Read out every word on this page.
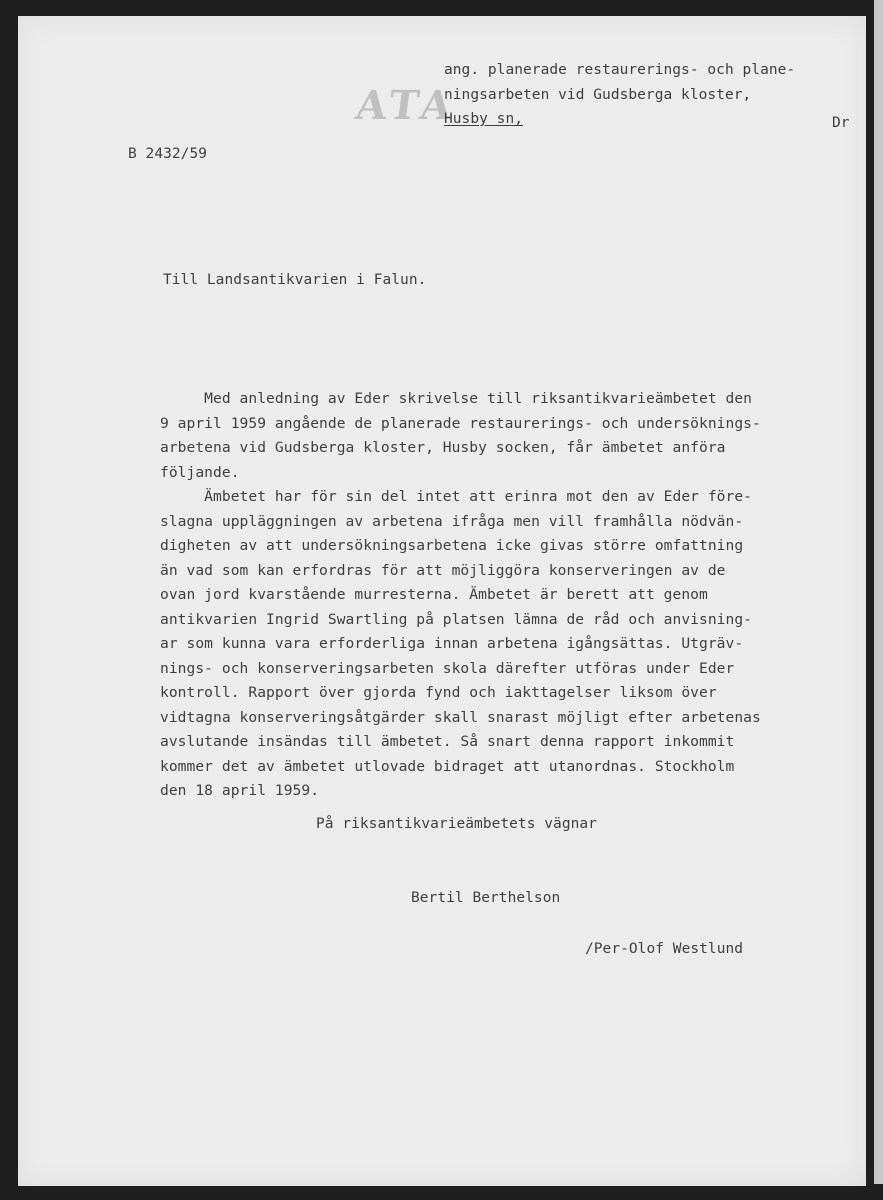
ATA
ang. planerade restaurerings- och plane-
ningsarbeten vid Gudsberga kloster,
Husby sn,	Dr
B 2432/59
Till Landsantikvarien i Falun.
Med anledning av Eder skrivelse till riksantikvarieämbetet den
9 april 1959 angående de planerade restaurerings- och undersöknings-
arbetena vid Gudsberga kloster, Husby socken, får ämbetet anföra
följande.
Ämbetet har för sin del intet att erinra mot den av Eder före-
slagna uppläggningen av arbetena ifråga men vill framhålla nödvän-
digheten av att undersökningsarbetena icke givas större omfattning
än vad som kan erfordras för att möjliggöra konserveringen av de
ovan jord kvarstående murresterna. Ämbetet är berett att genom
antikvarien Ingrid Swartling på platsen lämna de råd och anvisning-
ar som kunna vara erforderliga innan arbetena igångsättas. Utgräv-
nings- och konserveringsarbeten skola därefter utföras under Eder
kontroll. Rapport över gjorda fynd och iakttagelser liksom över
vidtagna konserveringsåtgärder skall snarast möjligt efter arbetenas
avslutande insändas till ämbetet. Så snart denna rapport inkommit
kommer det av ämbetet utlovade bidraget att utanordnas. Stockholm
den 18 april 1959.
På riksantikvarieämbetets vägnar
Bertil Berthelson
/Per-Olof Westlund
